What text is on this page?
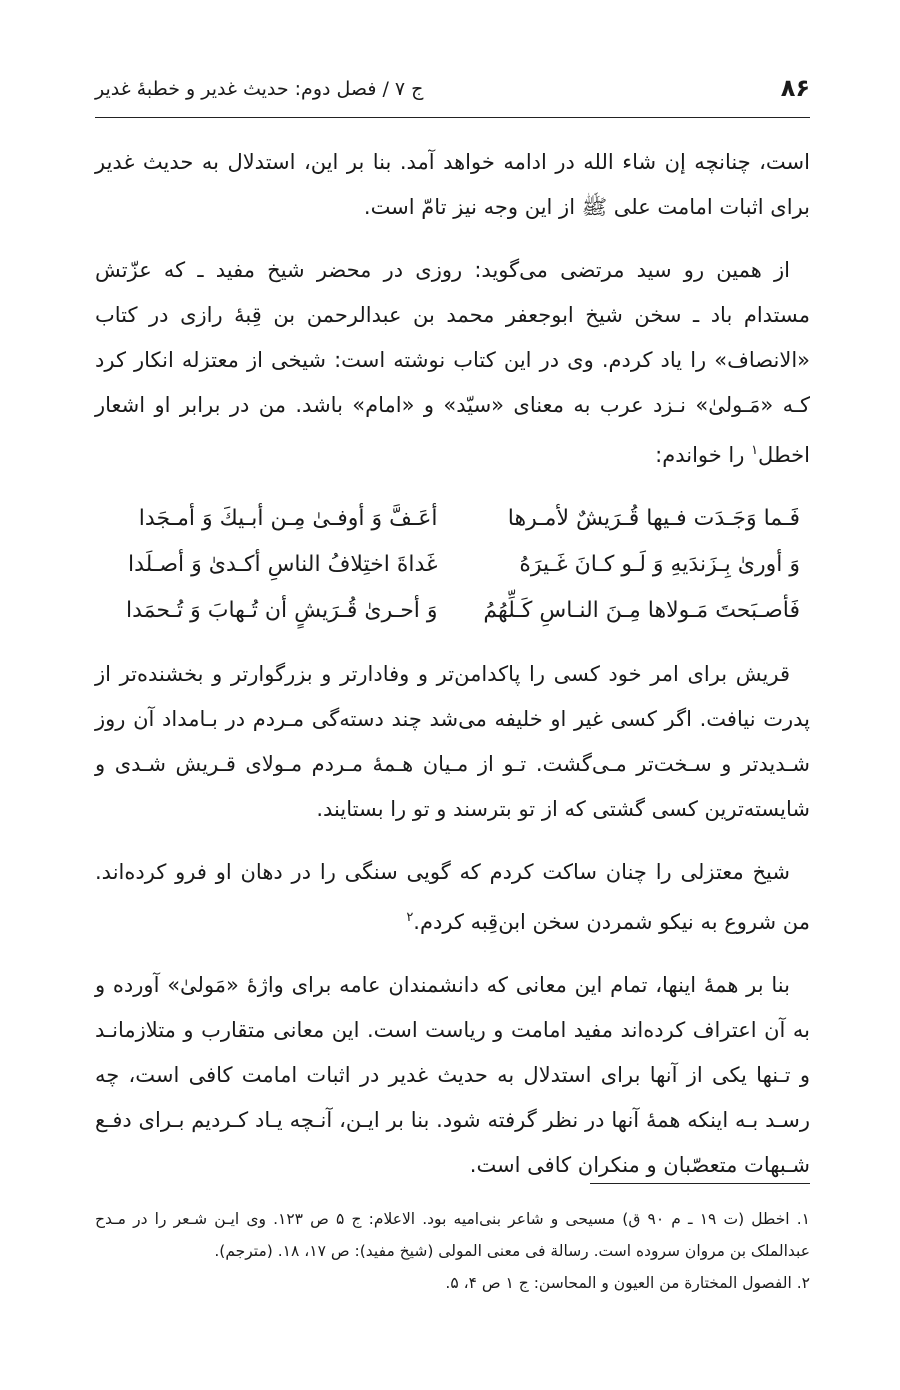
۸۶
ج ۷ / فصل دوم: حدیث غدیر و خطبهٔ غدیر

است، چنانچه إن شاء الله در ادامه خواهد آمد. بنا بر این، استدلال به حدیث غدیر برای اثبات امامت علی ﷺ از این وجه نیز تامّ است.

از همین رو سید مرتضی می‌گوید: روزی در محضر شیخ مفید ـ که عزّتش مستدام باد ـ سخن شیخ ابوجعفر محمد بن عبدالرحمن بن قِبهٔ رازی در کتاب «الانصاف» را یاد کردم. وی در این کتاب نوشته است: شیخی از معتزله انکار کرد کـه «مَـولیٰ» نـزد عرب به معنای «سیّد» و «امام» باشد. من در برابر او اشعار اخطل$^۱$ را خواندم:

فَـما وَجَـدَت فـيها قُـرَيشٌ لأمـرها
أعَـفَّ وَ أوفـىٰ مِـن أبـيكَ وَ أمـجَدا
وَ أورىٰ بِـزَندَيهِ وَ لَـو كـانَ غَـيرَهُ
غَداةَ اختِلافُ الناسِ أكـدىٰ وَ أصـلَدا
فَأصـبَحتَ مَـولاها مِـنَ النـاسِ كَـلِّهُمُ
وَ أحـرىٰ قُـرَيشٍ أن تُـهابَ وَ تُـحمَدا

قریش برای امر خود کسی را پاکدامن‌تر و وفادارتر و بزرگوارتر و بخشنده‌تر از پدرت نیافت. اگر کسی غیر او خلیفه می‌شد چند دسته‌گی مـردم در بـامداد آن روز شـدیدتر و سـخت‌تر مـی‌گشت. تـو از مـیان هـمهٔ مـردم مـولای قـریش شـدی و شایسته‌ترین کسی گشتی که از تو بترسند و تو را بستایند.

شیخ معتزلی را چنان ساکت کردم که گویی سنگی را در دهان او فرو کرده‌اند. من شروع به نیکو شمردن سخن ابن‌قِبه کردم.$^۲$

بنا بر همهٔ اینها، تمام این معانی که دانشمندان عامه برای واژهٔ «مَولیٰ» آورده و به آن اعتراف کرده‌اند مفید امامت و ریاست است. این معانی متقارب و متلازمانـد و تـنها یکی از آنها برای استدلال به حدیث غدیر در اثبات امامت کافی است، چه رسـد بـه اینکه همهٔ آنها در نظر گرفته شود. بنا بر ایـن، آنـچه یـاد کـردیم بـرای دفـع شـبهات متعصّبان و منکران کافی است.

۱. اخطل (ت ۱۹ ـ م ۹۰ ق) مسیحی و شاعر بنی‌امیه بود. الاعلام: ج ۵ ص ۱۲۳. وی ایـن شـعر را در مـدح عبدالملک بن مروان سروده است. رسالة فی معنی المولی (شیخ مفید): ص ۱۷، ۱۸. (مترجم).

۲. الفصول المختارة من العیون و المحاسن: ج ۱ ص ۴، ۵.
